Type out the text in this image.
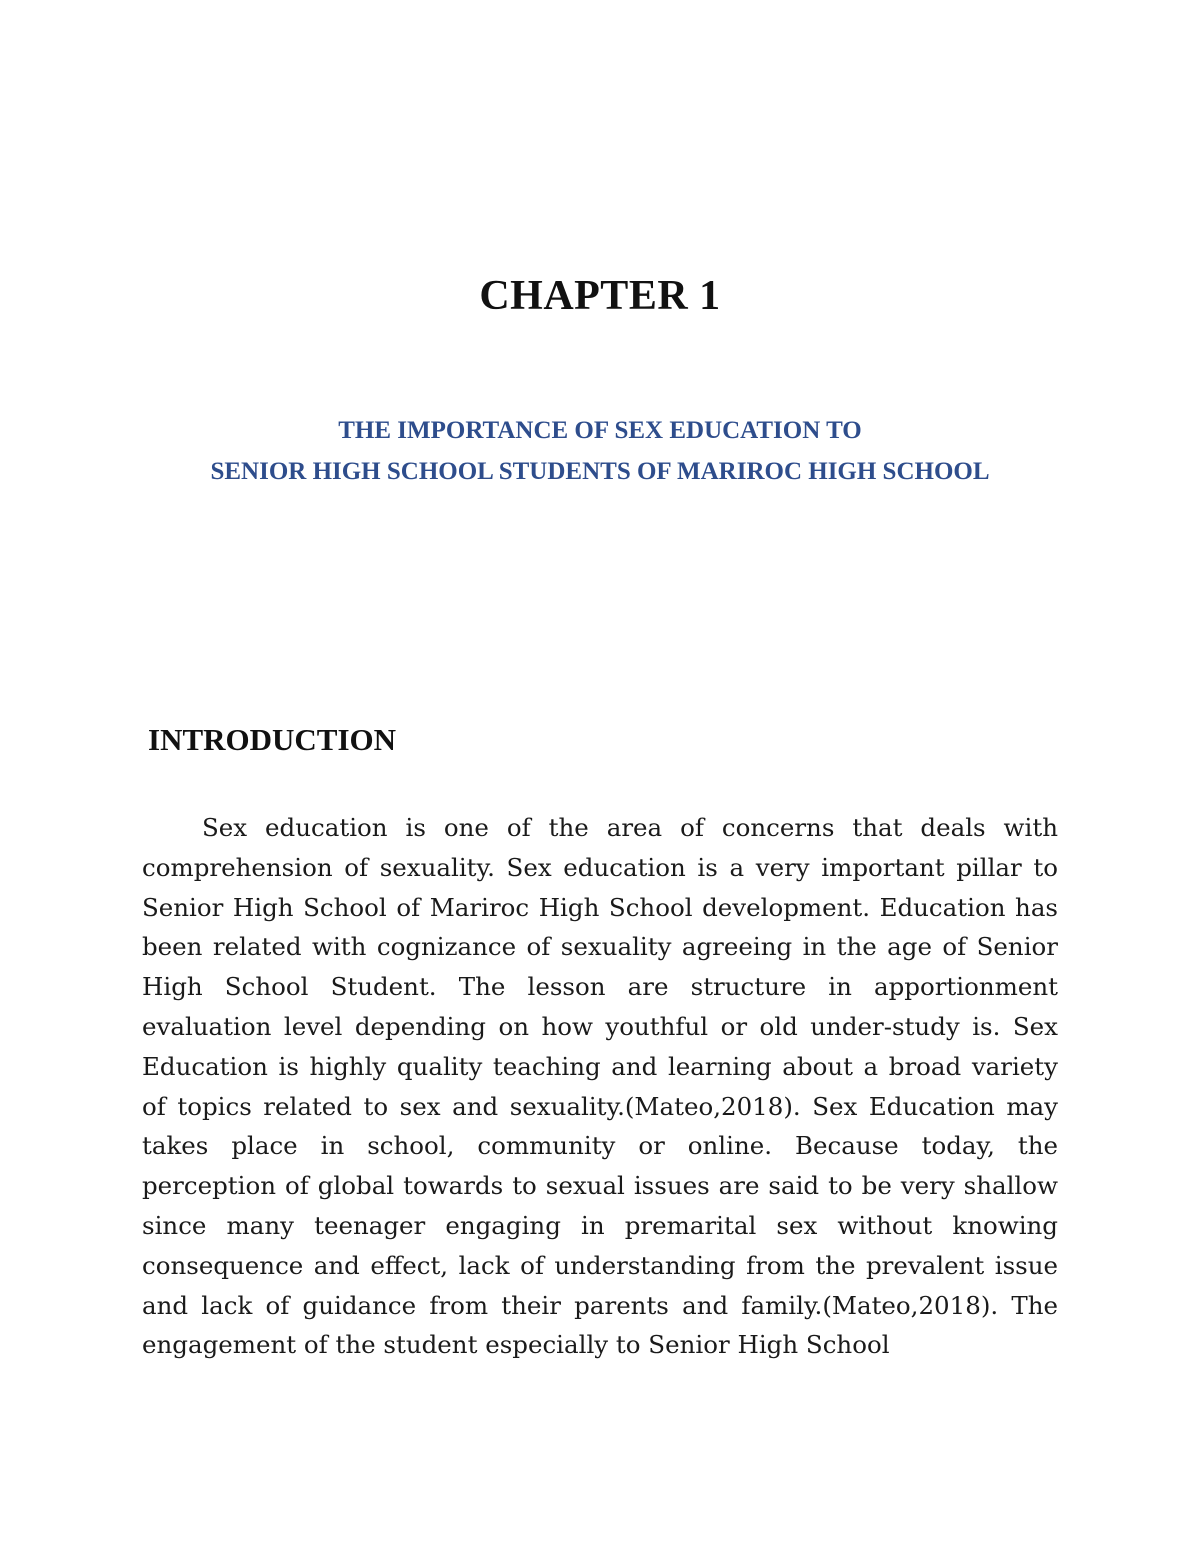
CHAPTER 1
THE IMPORTANCE OF SEX EDUCATION TO
SENIOR HIGH SCHOOL STUDENTS OF MARIROC HIGH SCHOOL
INTRODUCTION

Sex education is one of the area of concerns that deals with comprehension of sexuality. Sex education is a very important pillar to Senior High School of Mariroc High School development. Education has been related with cognizance of sexuality agreeing in the age of Senior High School Student. The lesson are structure in apportionment evaluation level depending on how youthful or old under-study is. Sex Education is highly quality teaching and learning about a broad variety of topics related to sex and sexuality.(Mateo,2018). Sex Education may takes place in school, community or online. Because today, the perception of global towards to sexual issues are said to be very shallow since many teenager engaging in premarital sex without knowing consequence and effect, lack of understanding from the prevalent issue and lack of guidance from their parents and family.(Mateo,2018). The engagement of the student especially to Senior High School
